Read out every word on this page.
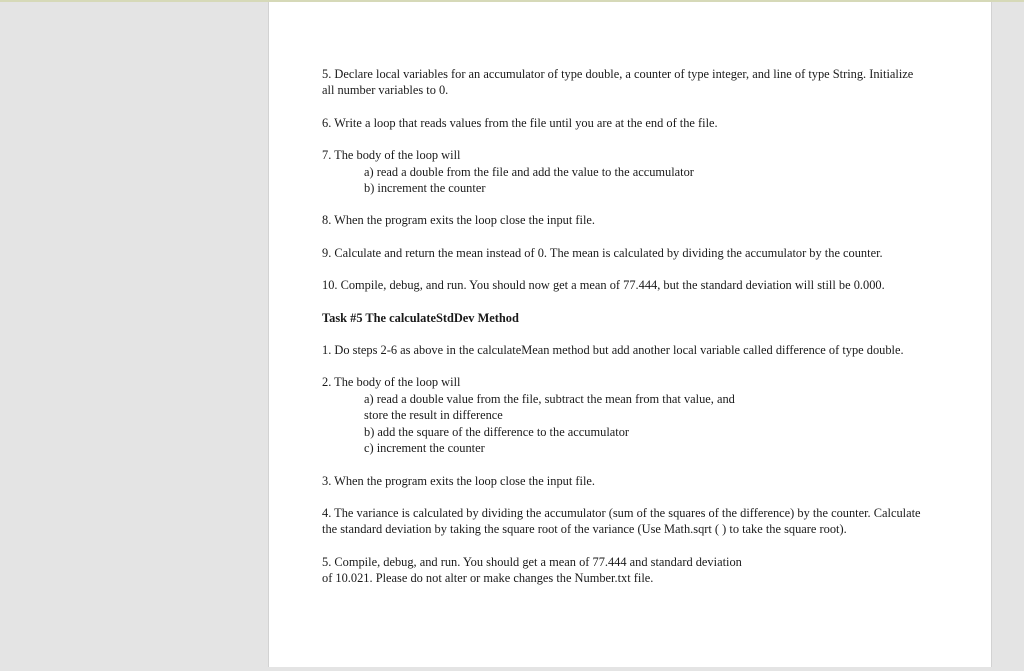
5. Declare local variables for an accumulator of type double, a counter of type integer, and line of type String. Initialize all number variables to 0.

6. Write a loop that reads values from the file until you are at the end of the file.

7. The body of the loop will
a) read a double from the file and add the value to the accumulator
b) increment the counter

8. When the program exits the loop close the input file.

9. Calculate and return the mean instead of 0. The mean is calculated by dividing the accumulator by the counter.

10. Compile, debug, and run. You should now get a mean of 77.444, but the standard deviation will still be 0.000.

Task #5 The calculateStdDev Method

1. Do steps 2-6 as above in the calculateMean method but add another local variable called difference of type double.

2. The body of the loop will
a) read a double value from the file, subtract the mean from that value, and
store the result in difference
b) add the square of the difference to the accumulator
c) increment the counter

3. When the program exits the loop close the input file.

4. The variance is calculated by dividing the accumulator (sum of the squares of the difference) by the counter. Calculate the standard deviation by taking the square root of the variance (Use Math.sqrt ( ) to take the square root).

5. Compile, debug, and run. You should get a mean of 77.444 and standard deviation
of 10.021. Please do not alter or make changes the Number.txt file.
